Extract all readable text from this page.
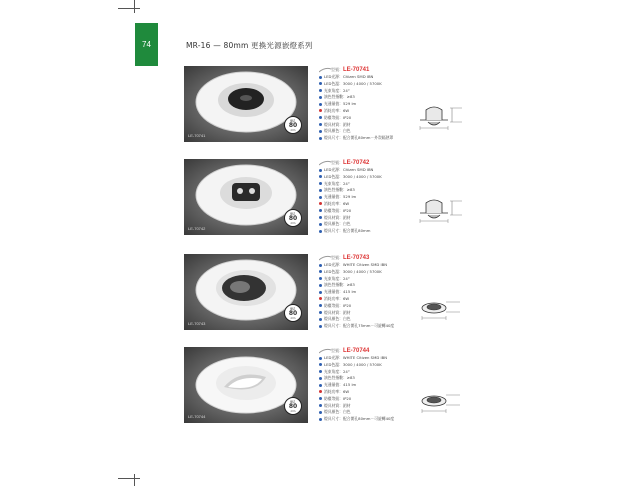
74	MR-16 — 80mm 更換光源嵌燈系列
LE-70741
開孔
80
mm
型號：LE-70741
LED光源：Citizen SMD IBN
LED色溫：3000 / 4000 / 5700K
光束角度：24°
演色性指數：≥83
光通量值：529 lm
消耗功率：6W
防塵等級：IP20
燈具材質：鋁材
燈具顏色：白色
燈具尺寸：配合開孔80mm－外殼隔熱罩
LE-70742
開孔
80
mm
型號：LE-70742
LED光源：Citizen SMD IBN
LED色溫：3000 / 4000 / 5700K
光束角度：24°
演色性指數：≥83
光通量值：529 lm
消耗功率：6W
防塵等級：IP20
燈具材質：鋁材
燈具顏色：白色
燈具尺寸：配合開孔80mm
LE-70743
開孔
80
mm
型號：LE-70743
LED光源：WHITE Citizen SMD IBN
LED色溫：3000 / 4000 / 5700K
光束角度：24°
演色性指數：≥83
光通量值：415 lm
消耗功率：6W
防塵等級：IP20
燈具材質：鋁材
燈具顏色：白色
燈具尺寸：配合開孔75mm－可旋轉40度
LE-70744
開孔
80
mm
型號：LE-70744
LED光源：WHITE Citizen SMD IBN
LED色溫：3000 / 4000 / 5700K
光束角度：24°
演色性指數：≥83
光通量值：415 lm
消耗功率：6W
防塵等級：IP20
燈具材質：鋁材
燈具顏色：白色
燈具尺寸：配合開孔80mm－可旋轉40度
